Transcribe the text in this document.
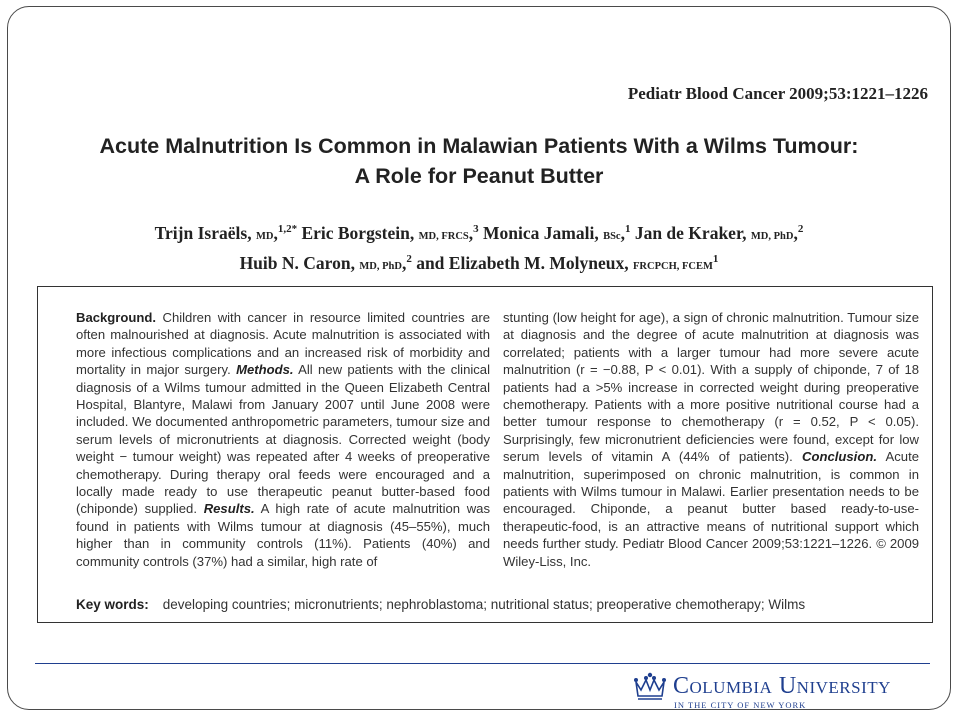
Pediatr Blood Cancer 2009;53:1221–1226
Acute Malnutrition Is Common in Malawian Patients With a Wilms Tumour:
A Role for Peanut Butter
Trijn Israëls, MD,$^{1,2*}$ Eric Borgstein, MD, FRCS,$^3$ Monica Jamali, BSc,$^1$ Jan de Kraker, MD, PhD,$^2$
Huib N. Caron, MD, PhD,$^2$ and Elizabeth M. Molyneux, FRCPCH, FCEM$^1$
Background. Children with cancer in resource limited countries are often malnourished at diagnosis. Acute malnutrition is associated with more infectious complications and an increased risk of morbidity and mortality in major surgery. Methods. All new patients with the clinical diagnosis of a Wilms tumour admitted in the Queen Elizabeth Central Hospital, Blantyre, Malawi from January 2007 until June 2008 were included. We documented anthropometric parameters, tumour size and serum levels of micronutrients at diagnosis. Corrected weight (body weight − tumour weight) was repeated after 4 weeks of preoperative chemotherapy. During therapy oral feeds were encouraged and a locally made ready to use therapeutic peanut butter-based food (chiponde) supplied. Results. A high rate of acute malnutrition was found in patients with Wilms tumour at diagnosis (45–55%), much higher than in community controls (11%). Patients (40%) and community controls (37%) had a similar, high rate of
stunting (low height for age), a sign of chronic malnutrition. Tumour size at diagnosis and the degree of acute malnutrition at diagnosis was correlated; patients with a larger tumour had more severe acute malnutrition (r = −0.88, P < 0.01). With a supply of chiponde, 7 of 18 patients had a >5% increase in corrected weight during preoperative chemotherapy. Patients with a more positive nutritional course had a better tumour response to chemotherapy (r = 0.52, P < 0.05). Surprisingly, few micronutrient deficiencies were found, except for low serum levels of vitamin A (44% of patients). Conclusion. Acute malnutrition, superimposed on chronic malnutrition, is common in patients with Wilms tumour in Malawi. Earlier presentation needs to be encouraged. Chiponde, a peanut butter based ready-to-use-therapeutic-food, is an attractive means of nutritional support which needs further study. Pediatr Blood Cancer 2009;53:1221–1226. © 2009 Wiley-Liss, Inc.
Key words: developing countries; micronutrients; nephroblastoma; nutritional status; preoperative chemotherapy; Wilms
Columbia University
IN THE CITY OF NEW YORK
